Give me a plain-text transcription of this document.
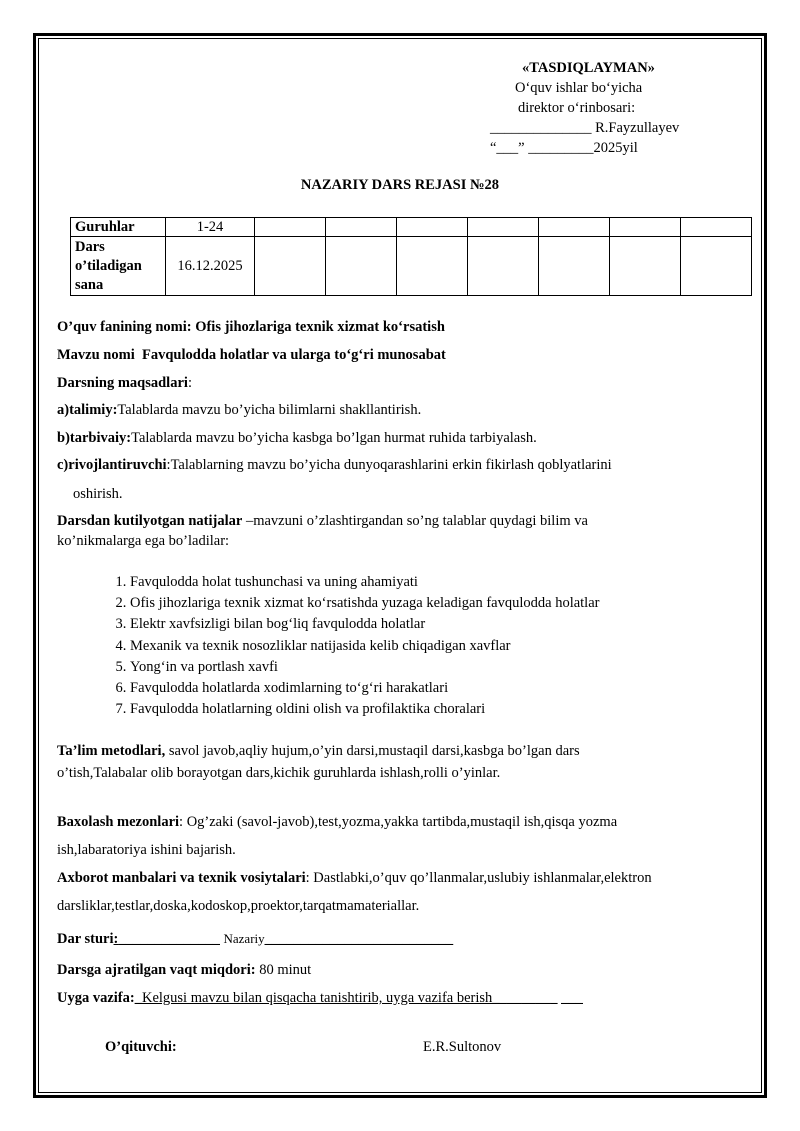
«TASDIQLAYMAN»
O‘quv ishlar bo‘yicha
direktor o‘rinbosari:
______________ R.Fayzullayev
“___” _________2025yil
NAZARIY DARS REJASI №28
Guruhlar	1-24							
Dars o’tiladigan sana	16.12.2025							
O’quv fanining nomi: Ofis jihozlariga texnik xizmat ko‘rsatish
Mavzu nomi Favqulodda holatlar va ularga to‘g‘ri munosabat
Darsning maqsadlari:
a)talimiy:Talablarda mavzu bo’yicha bilimlarni shakllantirish.
b)tarbivaiy:Talablarda mavzu bo’yicha kasbga bo’lgan hurmat ruhida tarbiyalash.
c)rivojlantiruvchi:Talablarning mavzu bo’yicha dunyoqarashlarini erkin fikirlash qoblyatlarini
oshirish.
Darsdan kutilyotgan natijalar –mavzuni o’zlashtirgandan so’ng talablar quydagi bilim va
ko’nikmalarga ega bo’ladilar:
1. Favqulodda holat tushunchasi va uning ahamiyati
2. Ofis jihozlariga texnik xizmat ko‘rsatishda yuzaga keladigan favqulodda holatlar
3. Elektr xavfsizligi bilan bog‘liq favqulodda holatlar
4. Mexanik va texnik nosozliklar natijasida kelib chiqadigan xavflar
5. Yong‘in va portlash xavfi
6. Favqulodda holatlarda xodimlarning to‘g‘ri harakatlari
7. Favqulodda holatlarning oldini olish va profilaktika choralari
Ta’lim metodlari, savol javob,aqliy hujum,o’yin darsi,mustaqil darsi,kasbga bo’lgan dars
o’tish,Talabalar olib borayotgan dars,kichik guruhlarda ishlash,rolli o’yinlar.
Baxolash mezonlari: Og’zaki (savol-javob),test,yozma,yakka tartibda,mustaqil ish,qisqa yozma
ish,labaratoriya ishini bajarish.
Axborot manbalari va texnik vosiytalari: Dastlabki,o’quv qo’llanmalar,uslubiy ishlanmalar,elektron
darsliklar,testlar,doska,kodoskop,proektor,tarqatmamateriallar.
Dar sturi:______________ Nazariy__________________________
Darsga ajratilgan vaqt miqdori: 80 minut
Uyga vazifa:_Kelgusi mavzu bilan qisqacha tanishtirib, uyga vazifa berish_________ ___
O’qituvchi:	E.R.Sultonov
